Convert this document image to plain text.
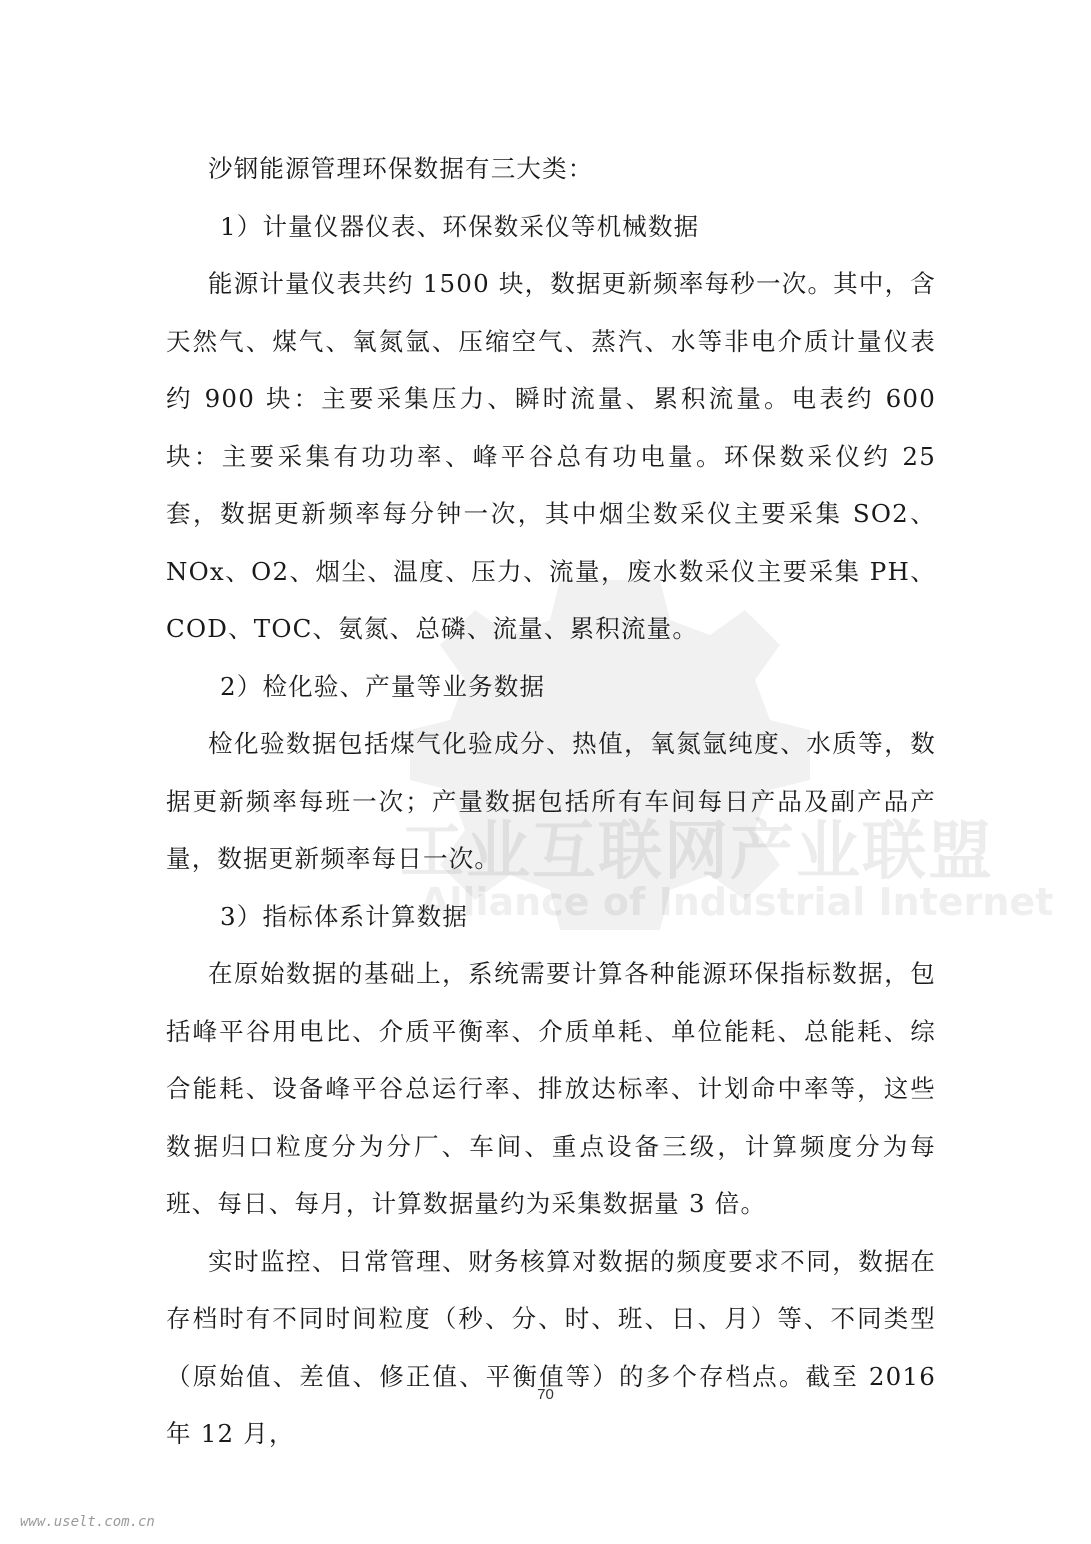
工业互联网产业联盟
Alliance of Industrial Internet

沙钢能源管理环保数据有三大类：

1）计量仪器仪表、环保数采仪等机械数据

能源计量仪表共约 1500 块，数据更新频率每秒一次。其中，含天然气、煤气、氧氮氩、压缩空气、蒸汽、水等非电介质计量仪表约 900 块：主要采集压力、瞬时流量、累积流量。电表约 600 块：主要采集有功功率、峰平谷总有功电量。环保数采仪约 25 套，数据更新频率每分钟一次，其中烟尘数采仪主要采集 SO2、NOx、O2、烟尘、温度、压力、流量，废水数采仪主要采集 PH、COD、TOC、氨氮、总磷、流量、累积流量。

2）检化验、产量等业务数据

检化验数据包括煤气化验成分、热值，氧氮氩纯度、水质等，数据更新频率每班一次；产量数据包括所有车间每日产品及副产品产量，数据更新频率每日一次。

3）指标体系计算数据

在原始数据的基础上，系统需要计算各种能源环保指标数据，包括峰平谷用电比、介质平衡率、介质单耗、单位能耗、总能耗、综合能耗、设备峰平谷总运行率、排放达标率、计划命中率等，这些数据归口粒度分为分厂、车间、重点设备三级，计算频度分为每班、每日、每月，计算数据量约为采集数据量 3 倍。

实时监控、日常管理、财务核算对数据的频度要求不同，数据在存档时有不同时间粒度（秒、分、时、班、日、月）等、不同类型（原始值、差值、修正值、平衡值等）的多个存档点。截至 2016 年 12 月，

70
www.uselt.com.cn
